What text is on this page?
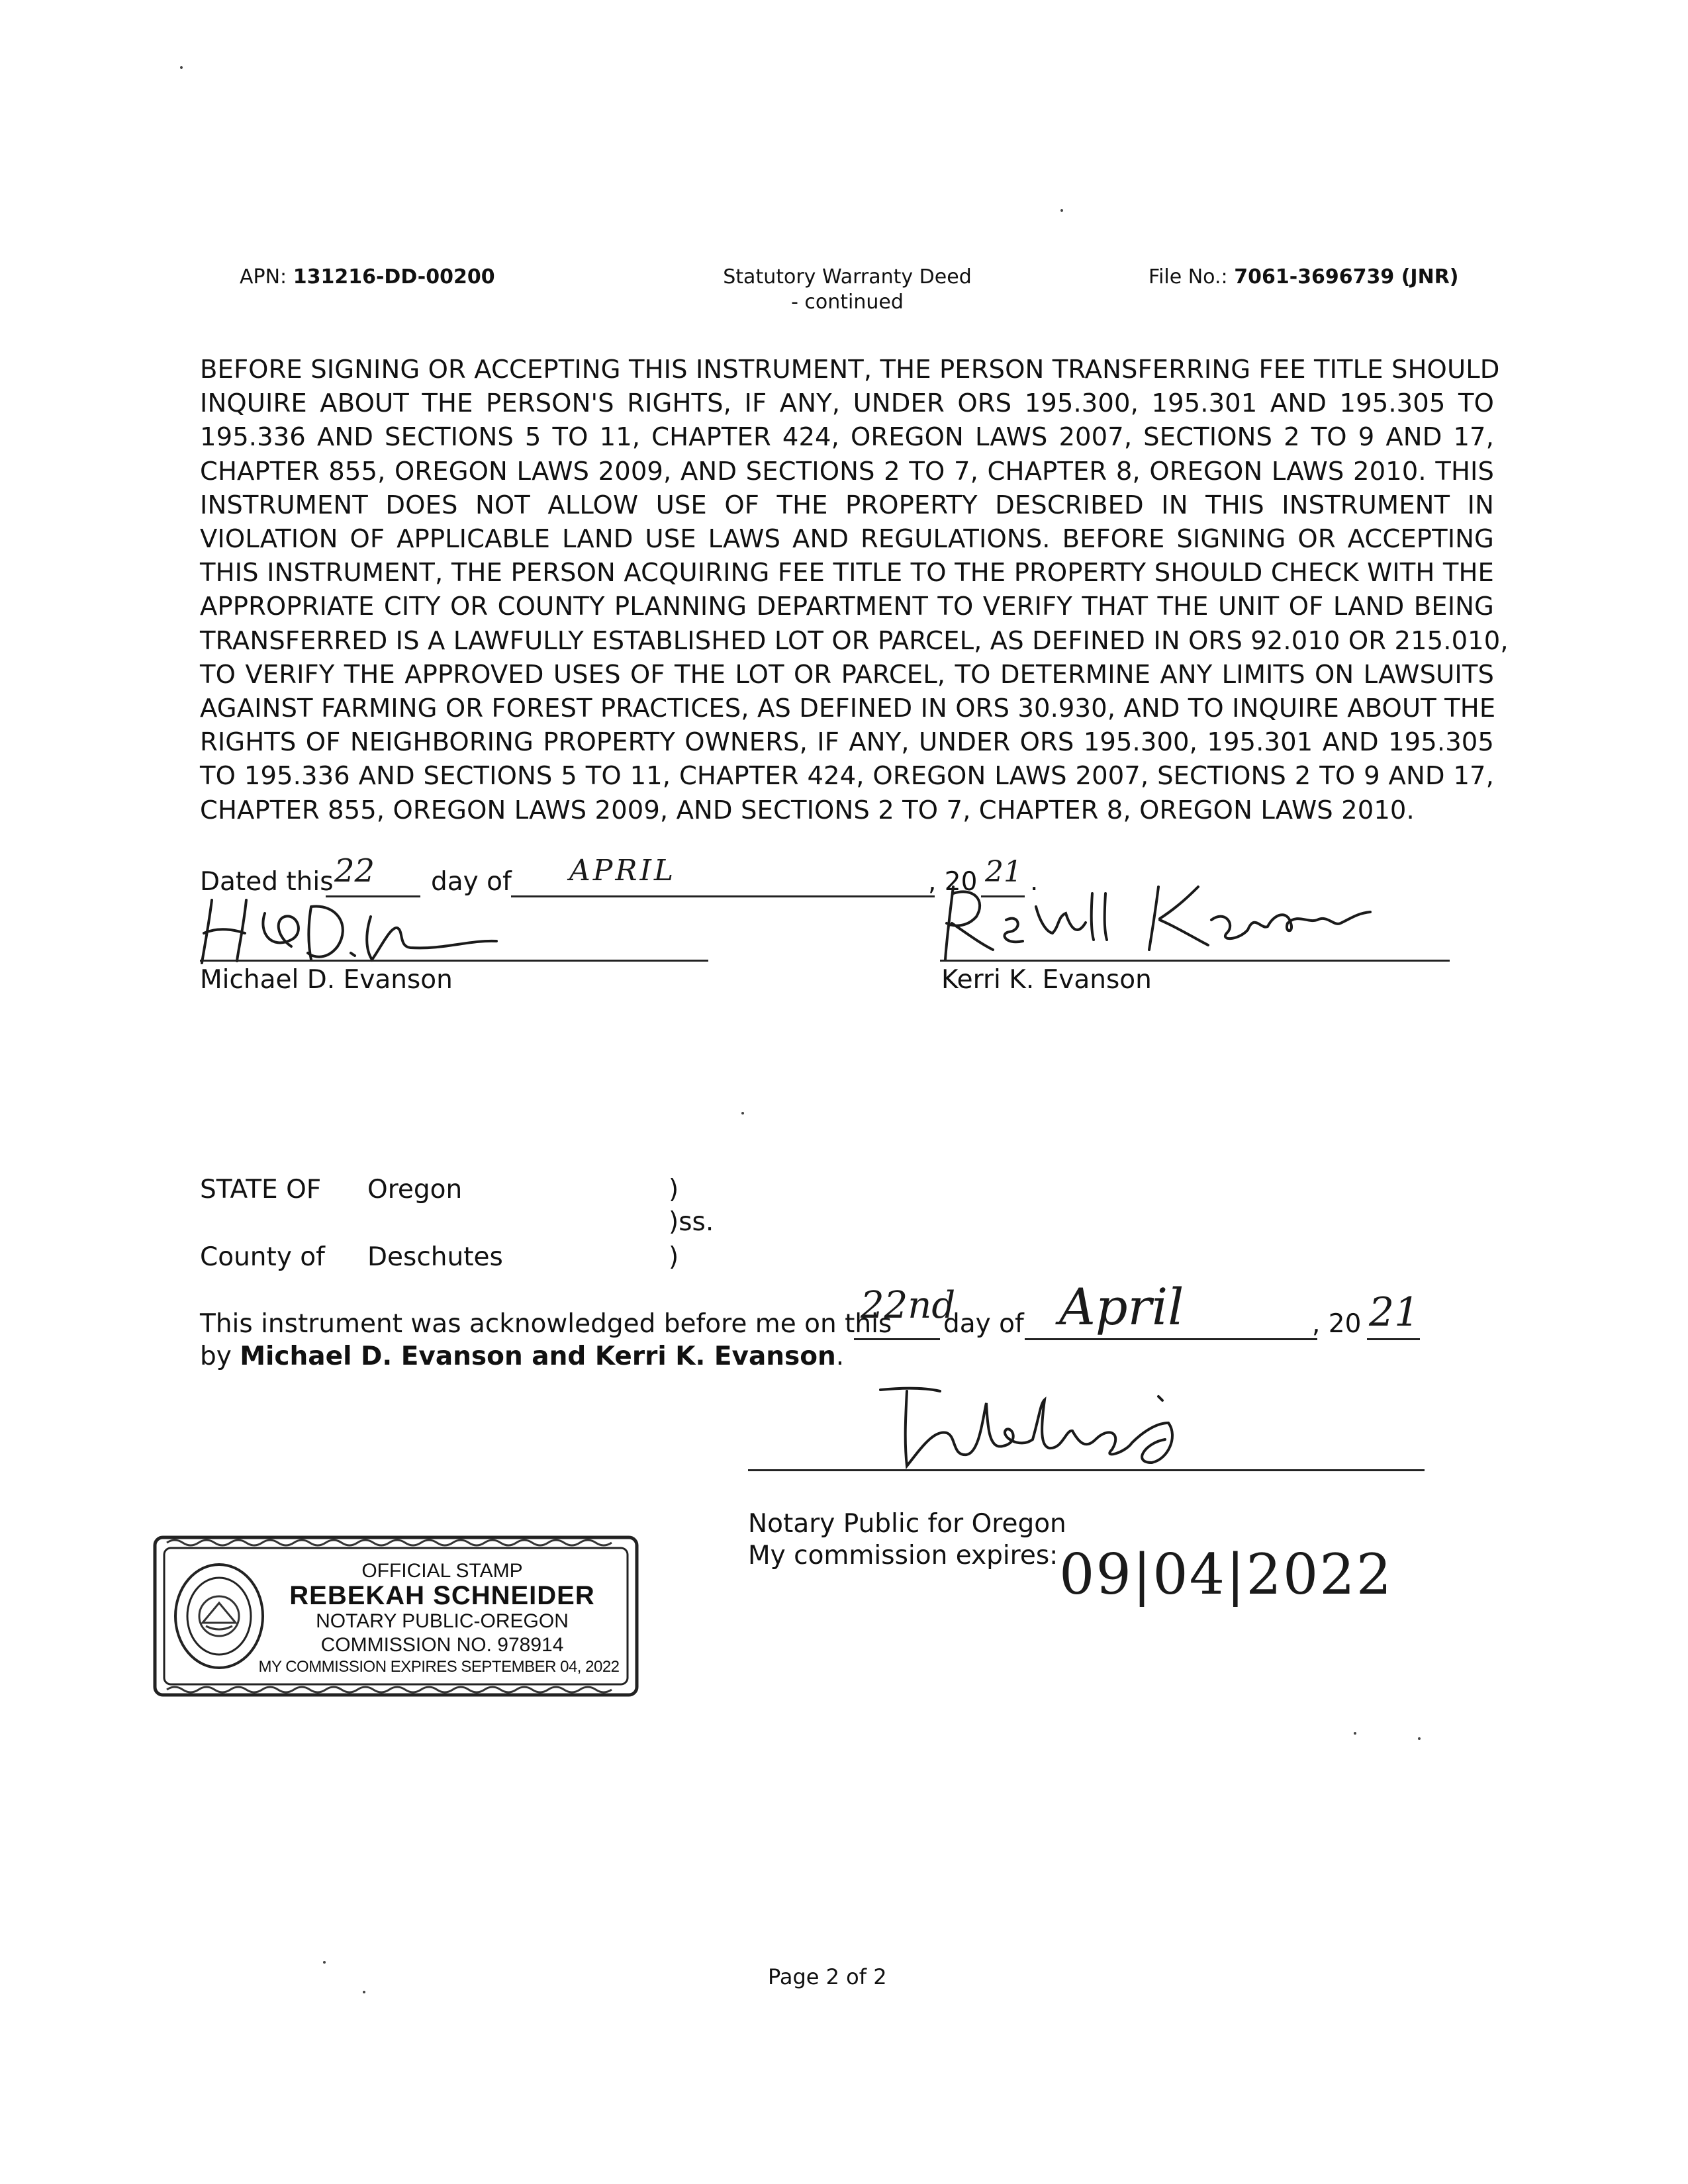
APN: 131216-DD-00200	Statutory Warranty Deed
- continued
File No.: 7061-3696739 (JNR)
BEFORE SIGNING OR ACCEPTING THIS INSTRUMENT, THE PERSON TRANSFERRING FEE TITLE SHOULD
INQUIRE ABOUT THE PERSON'S RIGHTS, IF ANY, UNDER ORS 195.300, 195.301 AND 195.305 TO
195.336 AND SECTIONS 5 TO 11, CHAPTER 424, OREGON LAWS 2007, SECTIONS 2 TO 9 AND 17,
CHAPTER 855, OREGON LAWS 2009, AND SECTIONS 2 TO 7, CHAPTER 8, OREGON LAWS 2010. THIS
INSTRUMENT DOES NOT ALLOW USE OF THE PROPERTY DESCRIBED IN THIS INSTRUMENT IN
VIOLATION OF APPLICABLE LAND USE LAWS AND REGULATIONS. BEFORE SIGNING OR ACCEPTING
THIS INSTRUMENT, THE PERSON ACQUIRING FEE TITLE TO THE PROPERTY SHOULD CHECK WITH THE
APPROPRIATE CITY OR COUNTY PLANNING DEPARTMENT TO VERIFY THAT THE UNIT OF LAND BEING
TRANSFERRED IS A LAWFULLY ESTABLISHED LOT OR PARCEL, AS DEFINED IN ORS 92.010 OR 215.010,
TO VERIFY THE APPROVED USES OF THE LOT OR PARCEL, TO DETERMINE ANY LIMITS ON LAWSUITS
AGAINST FARMING OR FOREST PRACTICES, AS DEFINED IN ORS 30.930, AND TO INQUIRE ABOUT THE
RIGHTS OF NEIGHBORING PROPERTY OWNERS, IF ANY, UNDER ORS 195.300, 195.301 AND 195.305
TO 195.336 AND SECTIONS 5 TO 11, CHAPTER 424, OREGON LAWS 2007, SECTIONS 2 TO 9 AND 17,
CHAPTER 855, OREGON LAWS 2009, AND SECTIONS 2 TO 7, CHAPTER 8, OREGON LAWS 2010.
Dated this 22 day of APRIL	, 20 21 .
Michael D. Evanson	Kerri K. Evanson
STATE OF Oregon	)
)ss.
County of Deschutes	)
This instrument was acknowledged before me on this
22nd
day of April	, 20 21
by Michael D. Evanson and Kerri K. Evanson.
Notary Public for Oregon
My commission expires: 09|04|2022
OFFICIAL STAMP
REBEKAH SCHNEIDER
NOTARY PUBLIC-OREGON
COMMISSION NO. 978914
MY COMMISSION EXPIRES SEPTEMBER 04, 2022
Page 2 of 2
